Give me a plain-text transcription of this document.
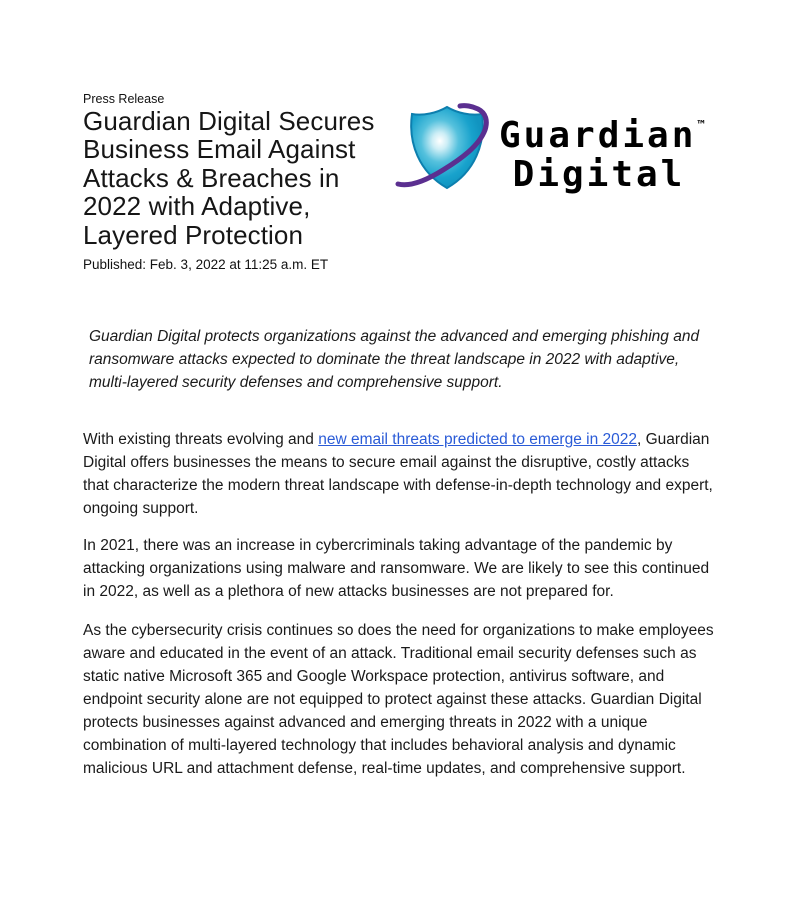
Press Release
Guardian Digital Secures
Business Email Against
Attacks & Breaches in
2022 with Adaptive,
Layered Protection
Published: Feb. 3, 2022 at 11:25 a.m. ET
Guardian™
Digital

Guardian Digital protects organizations against the advanced and emerging phishing and ransomware attacks expected to dominate the threat landscape in 2022 with adaptive, multi-layered security defenses and comprehensive support.

With existing threats evolving and new email threats predicted to emerge in 2022, Guardian Digital offers businesses the means to secure email against the disruptive, costly attacks that characterize the modern threat landscape with defense-in-depth technology and expert, ongoing support.

In 2021, there was an increase in cybercriminals taking advantage of the pandemic by attacking organizations using malware and ransomware. We are likely to see this continued in 2022, as well as a plethora of new attacks businesses are not prepared for.

As the cybersecurity crisis continues so does the need for organizations to make employees aware and educated in the event of an attack. Traditional email security defenses such as static native Microsoft 365 and Google Workspace protection, antivirus software, and endpoint security alone are not equipped to protect against these attacks. Guardian Digital protects businesses against advanced and emerging threats in 2022 with a unique combination of multi-layered technology that includes behavioral analysis and dynamic malicious URL and attachment defense, real-time updates, and comprehensive support.
